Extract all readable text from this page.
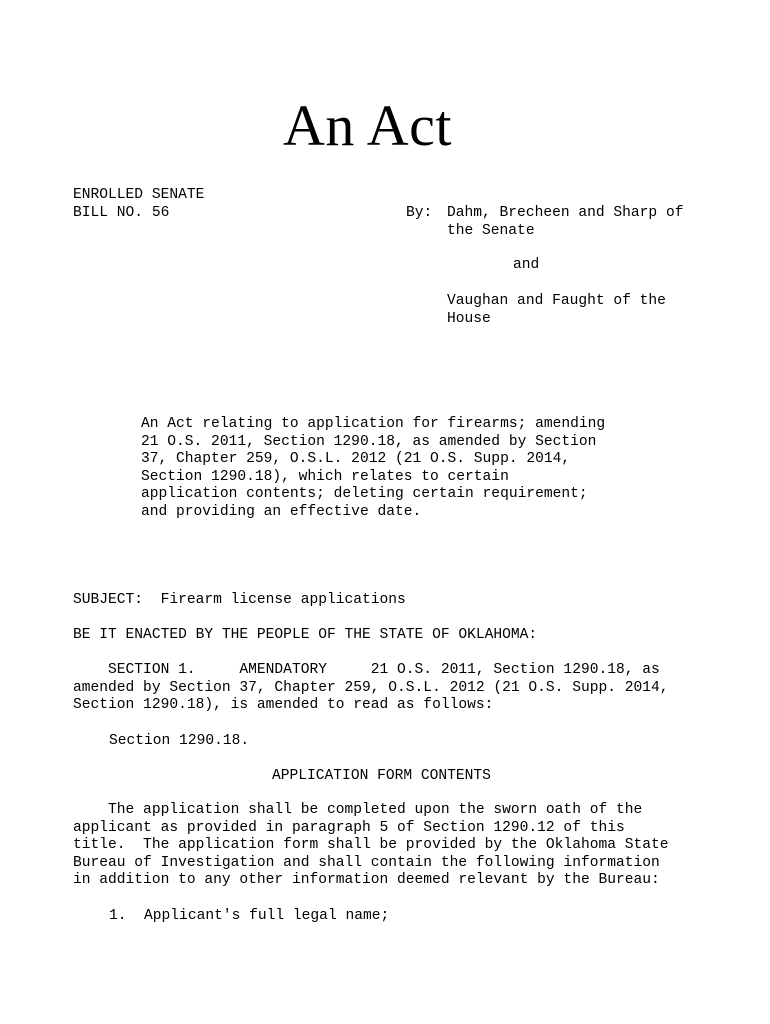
An Act
ENROLLED SENATE
BILL NO. 56	By: Dahm, Brecheen and Sharp of
the Senate
and
Vaughan and Faught of the
House
An Act relating to application for firearms; amending
21 O.S. 2011, Section 1290.18, as amended by Section
37, Chapter 259, O.S.L. 2012 (21 O.S. Supp. 2014,
Section 1290.18), which relates to certain
application contents; deleting certain requirement;
and providing an effective date.
SUBJECT:  Firearm license applications
BE IT ENACTED BY THE PEOPLE OF THE STATE OF OKLAHOMA:
SECTION 1.     AMENDATORY     21 O.S. 2011, Section 1290.18, as
amended by Section 37, Chapter 259, O.S.L. 2012 (21 O.S. Supp. 2014,
Section 1290.18), is amended to read as follows:
Section 1290.18.
APPLICATION FORM CONTENTS
The application shall be completed upon the sworn oath of the
applicant as provided in paragraph 5 of Section 1290.12 of this
title.  The application form shall be provided by the Oklahoma State
Bureau of Investigation and shall contain the following information
in addition to any other information deemed relevant by the Bureau:
1.  Applicant's full legal name;
